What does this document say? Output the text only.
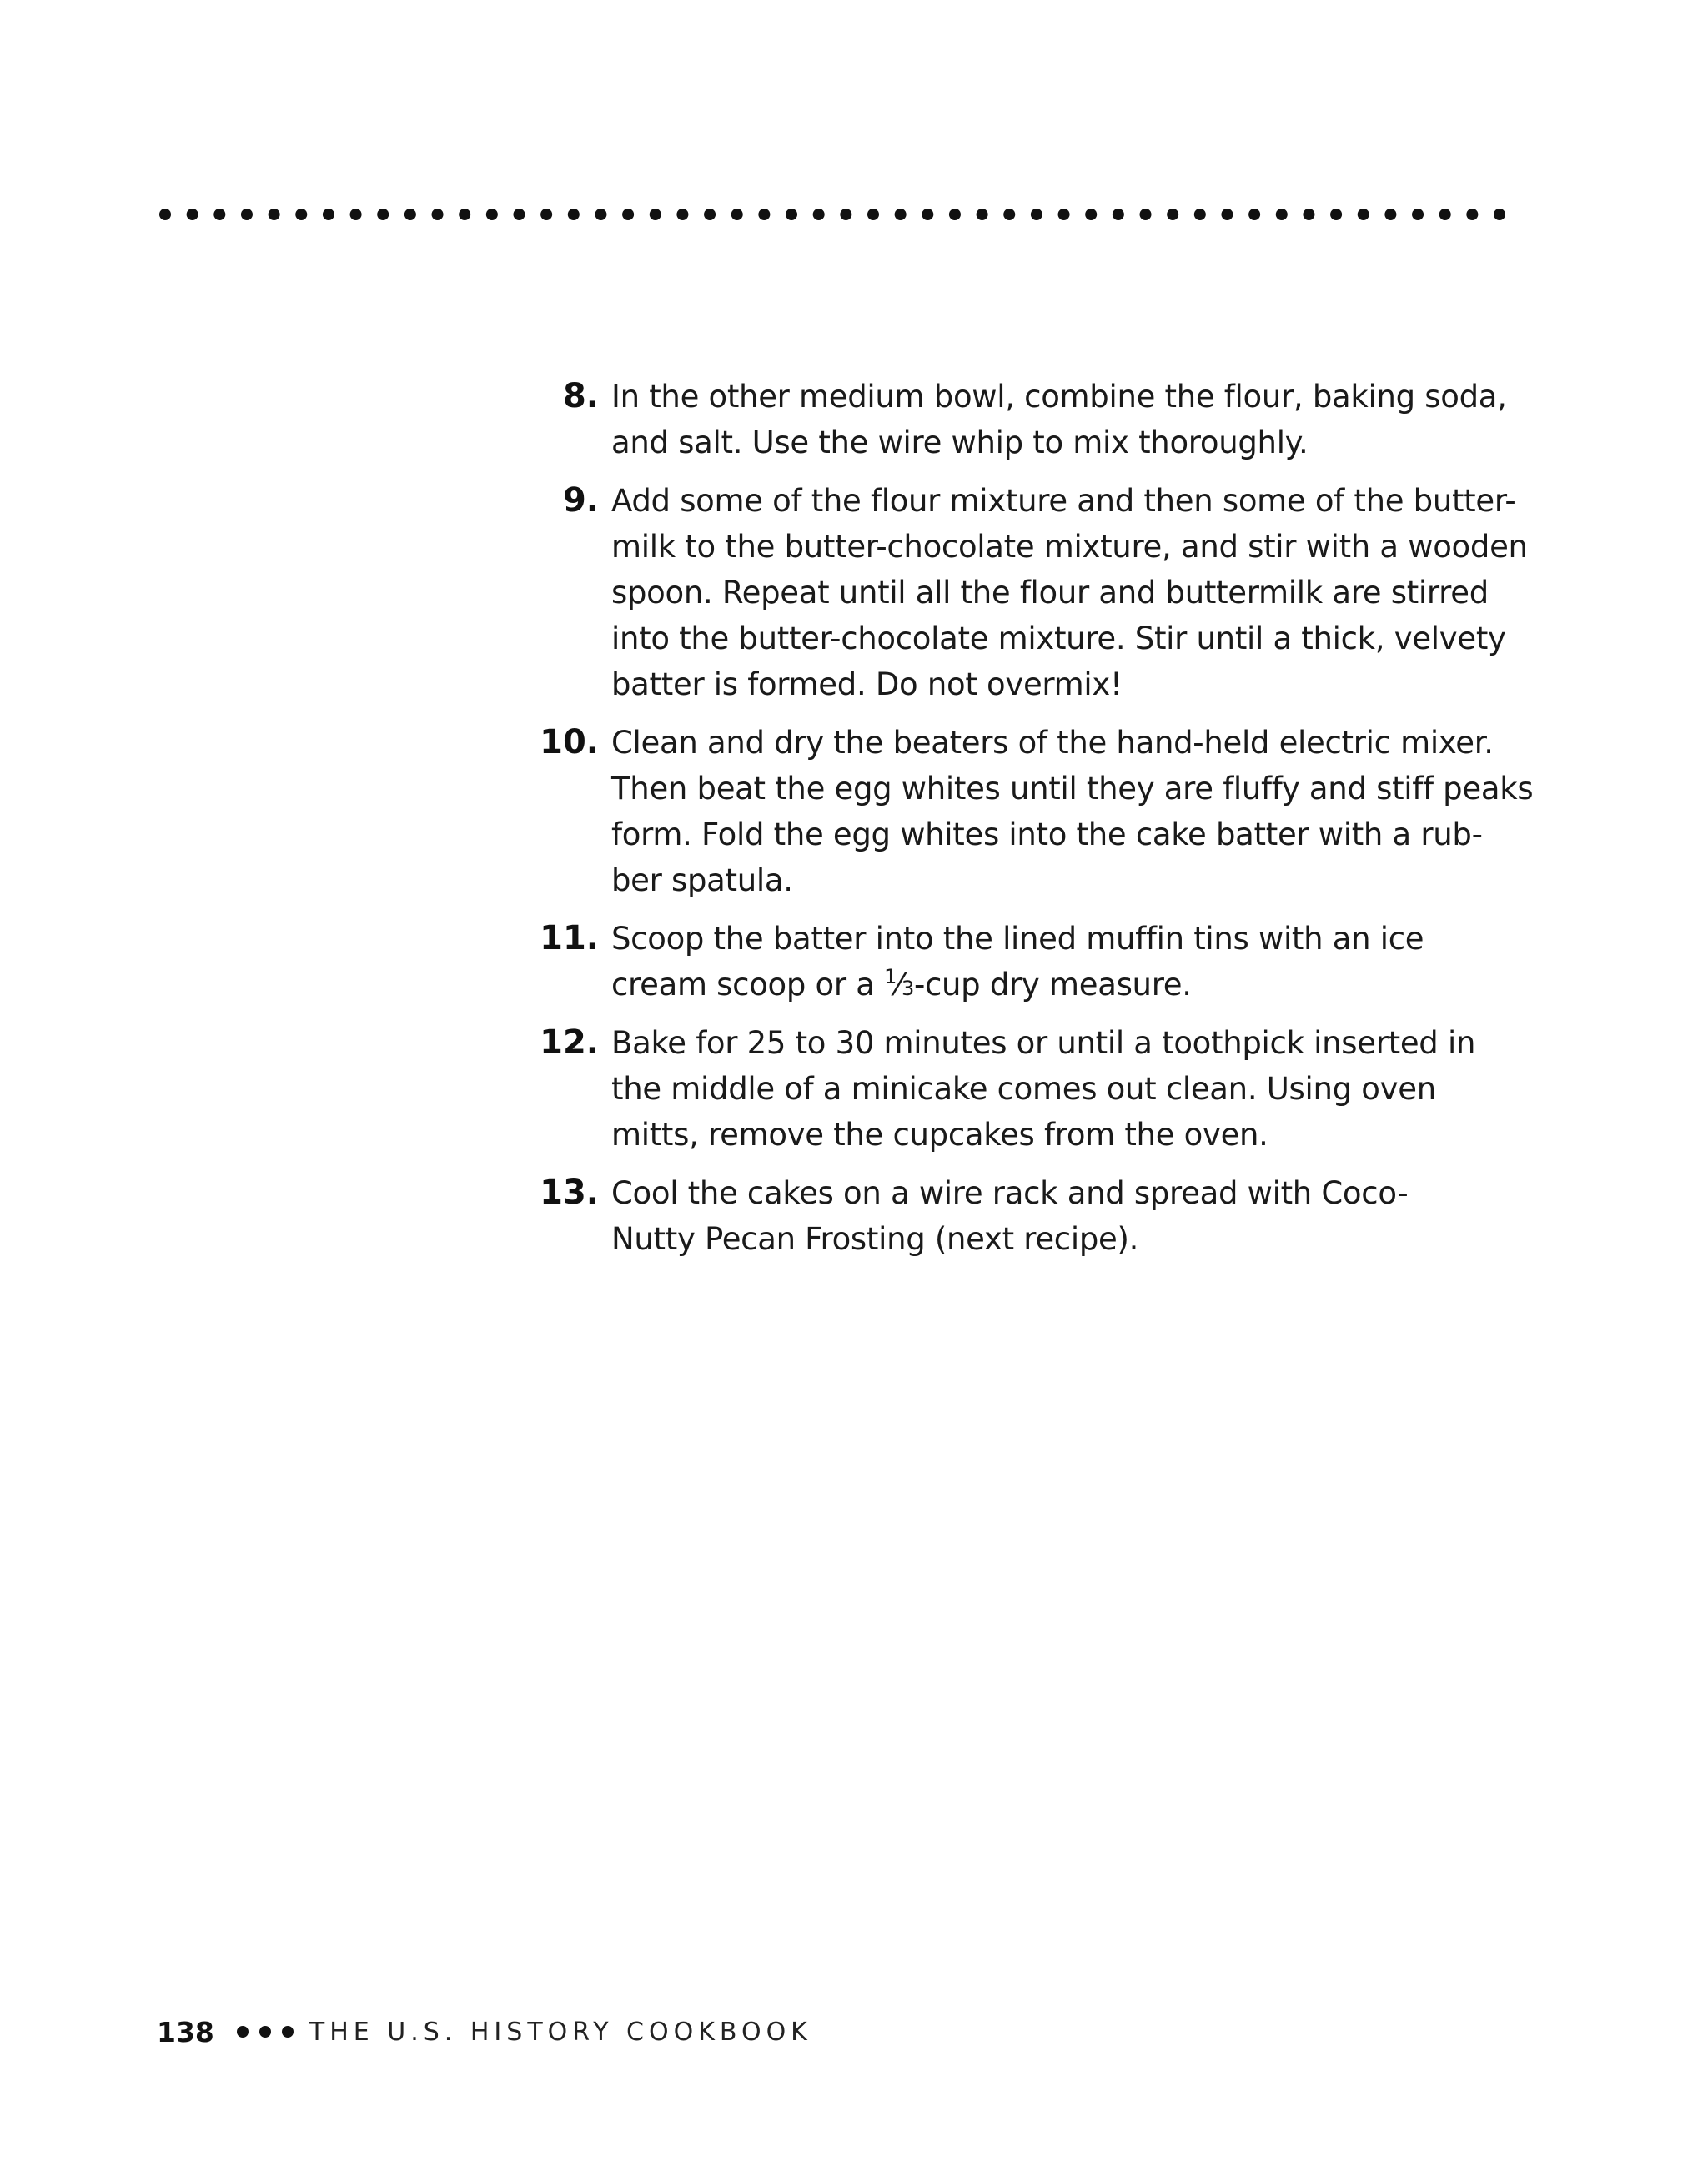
8. In the other medium bowl, combine the flour, baking soda,
and salt. Use the wire whip to mix thoroughly.
9. Add some of the flour mixture and then some of the butter-
milk to the butter-chocolate mixture, and stir with a wooden
spoon. Repeat until all the flour and buttermilk are stirred
into the butter-chocolate mixture. Stir until a thick, velvety
batter is formed. Do not overmix!
10. Clean and dry the beaters of the hand-held electric mixer.
Then beat the egg whites until they are fluffy and stiff peaks
form. Fold the egg whites into the cake batter with a rub-
ber spatula.
11. Scoop the batter into the lined muffin tins with an ice
cream scoop or a $^1$⁄3-cup dry measure.
12. Bake for 25 to 30 minutes or until a toothpick inserted in
the middle of a minicake comes out clean. Using oven
mitts, remove the cupcakes from the oven.
13. Cool the cakes on a wire rack and spread with Coco-
Nutty Pecan Frosting (next recipe).
138	THE U.S. HISTORY COOKBOOK
